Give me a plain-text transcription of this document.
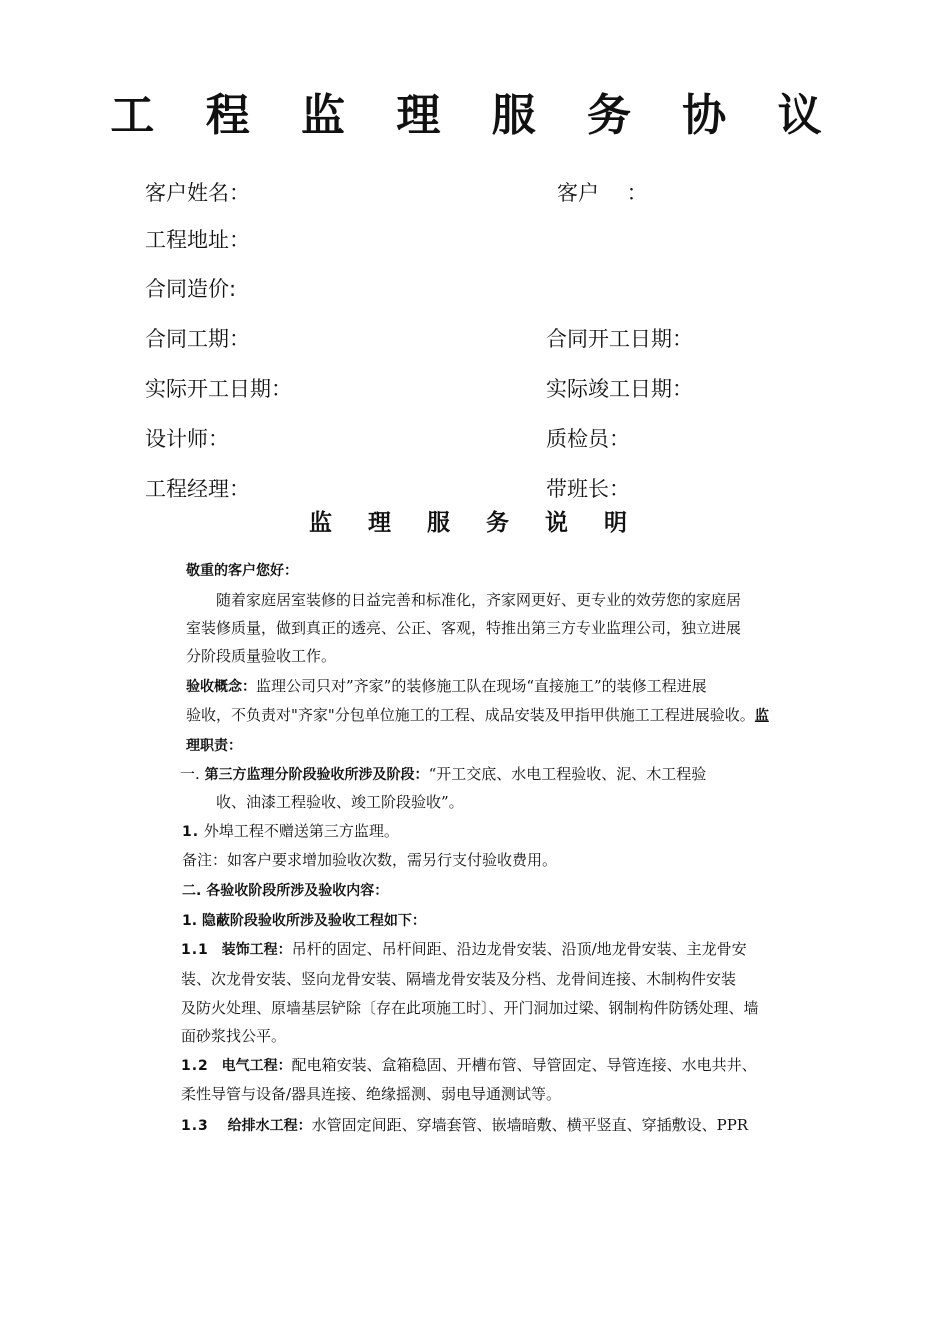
工 程 监 理 服 务 协 议
客户姓名：	客户　 ：
工程地址：
合同造价:
合同工期：	合同开工日期：
实际开工日期：	实际竣工日期：
设计师：	质检员：
工程经理：	带班长：
监 理 服 务 说 明
敬重的客户您好：
随着家庭居室装修的日益完善和标准化，齐家网更好、更专业的效劳您的家庭居
室装修质量，做到真正的透亮、公正、客观，特推出第三方专业监理公司，独立进展
分阶段质量验收工作。
验收概念：监理公司只对”齐家”的装修施工队在现场“直接施工”的装修工程进展
验收，不负责对"齐家"分包单位施工的工程、成品安装及甲指甲供施工工程进展验收。监
理职责：
一. 第三方监理分阶段验收所涉及阶段：“开工交底、水电工程验收、泥、木工程验
收、油漆工程验收、竣工阶段验收”。
1. 外埠工程不赠送第三方监理。
备注：如客户要求增加验收次数，需另行支付验收费用。
二. 各验收阶段所涉及验收内容：
1. 隐蔽阶段验收所涉及验收工程如下：
1.1 装饰工程：吊杆的固定、吊杆间距、沿边龙骨安装、沿顶/地龙骨安装、主龙骨安
装、次龙骨安装、竖向龙骨安装、隔墙龙骨安装及分档、龙骨间连接、木制构件安装
及防火处理、原墙基层铲除〔存在此项施工时〕、开门洞加过梁、钢制构件防锈处理、墙
面砂浆找公平。
1.2 电气工程：配电箱安装、盒箱稳固、开槽布管、导管固定、导管连接、水电共井、
柔性导管与设备/器具连接、绝缘摇测、弱电导通测试等。
1.3 给排水工程：水管固定间距、穿墙套管、嵌墙暗敷、横平竖直、穿插敷设、PPR
